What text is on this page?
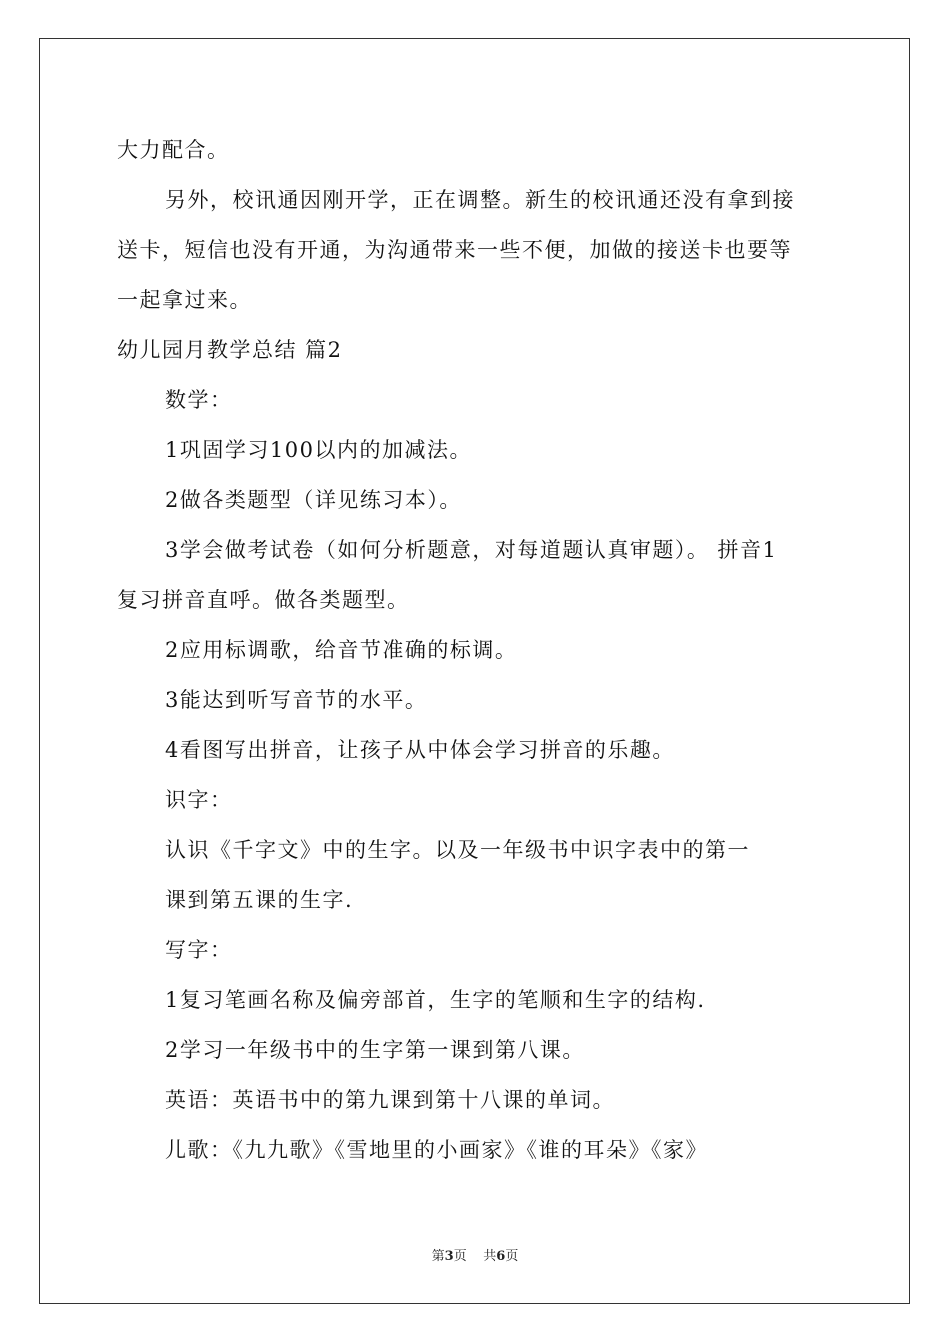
大力配合。
另外，校讯通因刚开学，正在调整。新生的校讯通还没有拿到接
送卡，短信也没有开通，为沟通带来一些不便，加做的接送卡也要等
一起拿过来。
幼儿园月教学总结 篇2
数学：
1巩固学习100以内的加减法。
2做各类题型（详见练习本）。
3学会做考试卷（如何分析题意，对每道题认真审题）。 拼音1
复习拼音直呼。做各类题型。
2应用标调歌，给音节准确的标调。
3能达到听写音节的水平。
4看图写出拼音，让孩子从中体会学习拼音的乐趣。
识字：
认识《千字文》中的生字。以及一年级书中识字表中的第一
课到第五课的生字.
写字：
1复习笔画名称及偏旁部首，生字的笔顺和生字的结构.
2学习一年级书中的生字第一课到第八课。
英语：英语书中的第九课到第十八课的单词。
儿歌：《九九歌》《雪地里的小画家》《谁的耳朵》《家》
第3页 共6页
